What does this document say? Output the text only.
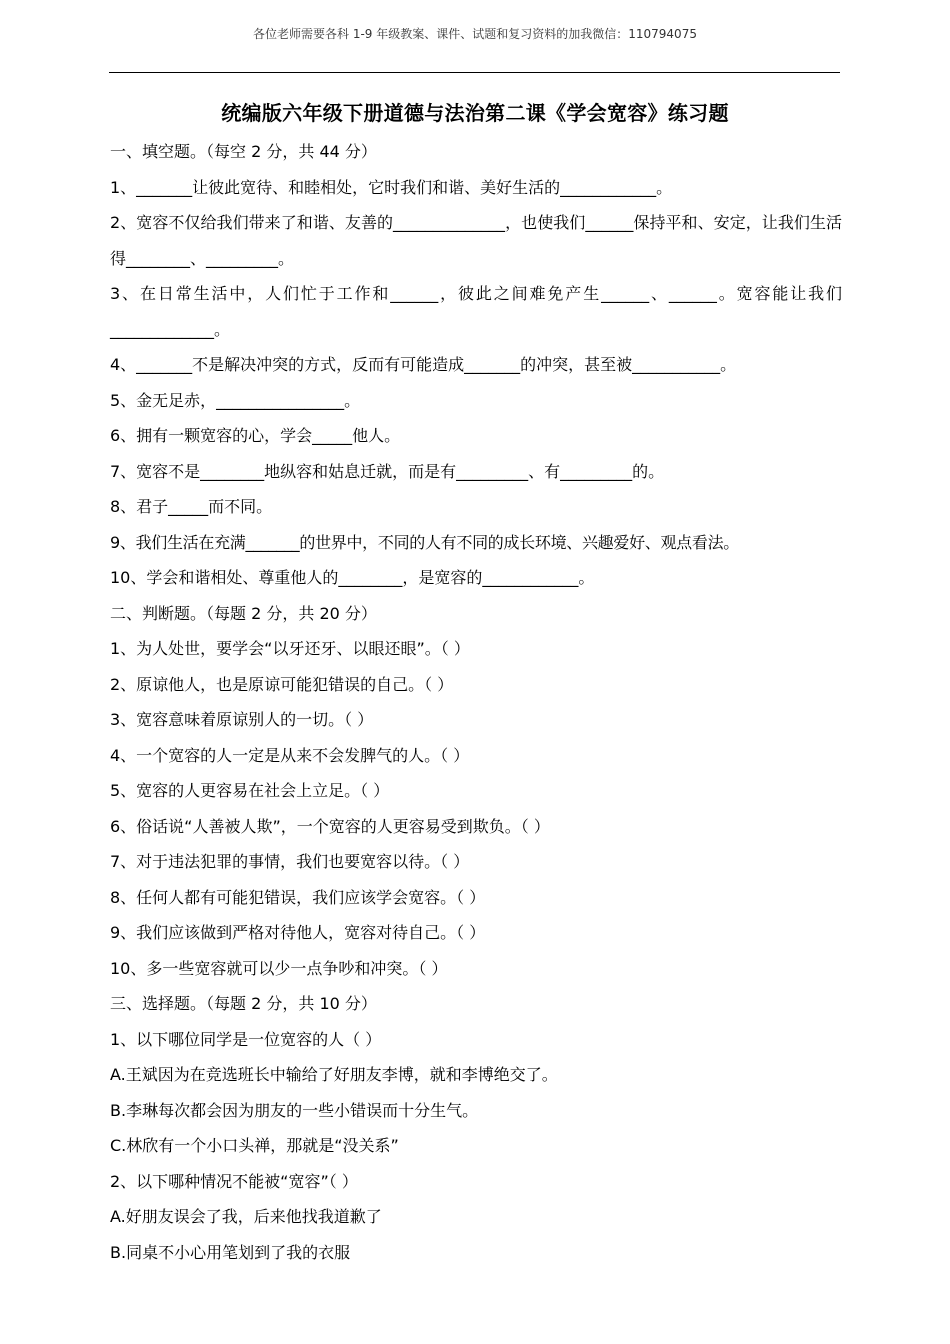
各位老师需要各科 1-9 年级教案、课件、试题和复习资料的加我微信：110794075
统编版六年级下册道德与法治第二课《学会宽容》练习题
一、填空题。（每空 2 分，共 44 分）
1、_______让彼此宽待、和睦相处，它时我们和谐、美好生活的____________。
2、宽容不仅给我们带来了和谐、友善的______________，也使我们______保持平和、安定，让我们生活得________、_________。
3、在日常生活中，人们忙于工作和______，彼此之间难免产生______、______。宽容能让我们_____________。
4、_______不是解决冲突的方式，反而有可能造成_______的冲突，甚至被___________。
5、金无足赤，________________。
6、拥有一颗宽容的心，学会_____他人。
7、宽容不是________地纵容和姑息迁就，而是有_________、有_________的。
8、君子_____而不同。
9、我们生活在充满_______的世界中，不同的人有不同的成长环境、兴趣爱好、观点看法。
10、学会和谐相处、尊重他人的________，是宽容的____________。
二、判断题。（每题 2 分，共 20 分）
1、为人处世，要学会“以牙还牙、以眼还眼”。（ ）
2、原谅他人，也是原谅可能犯错误的自己。（ ）
3、宽容意味着原谅别人的一切。（ ）
4、一个宽容的人一定是从来不会发脾气的人。（ ）
5、宽容的人更容易在社会上立足。（ ）
6、俗话说“人善被人欺”，一个宽容的人更容易受到欺负。（ ）
7、对于违法犯罪的事情，我们也要宽容以待。（ ）
8、任何人都有可能犯错误，我们应该学会宽容。（ ）
9、我们应该做到严格对待他人，宽容对待自己。（ ）
10、多一些宽容就可以少一点争吵和冲突。（ ）
三、选择题。（每题 2 分，共 10 分）
1、以下哪位同学是一位宽容的人（ ）
A.王斌因为在竞选班长中输给了好朋友李博，就和李博绝交了。
B.李琳每次都会因为朋友的一些小错误而十分生气。
C.林欣有一个小口头禅，那就是“没关系”
2、以下哪种情况不能被“宽容”（ ）
A.好朋友误会了我，后来他找我道歉了
B.同桌不小心用笔划到了我的衣服
